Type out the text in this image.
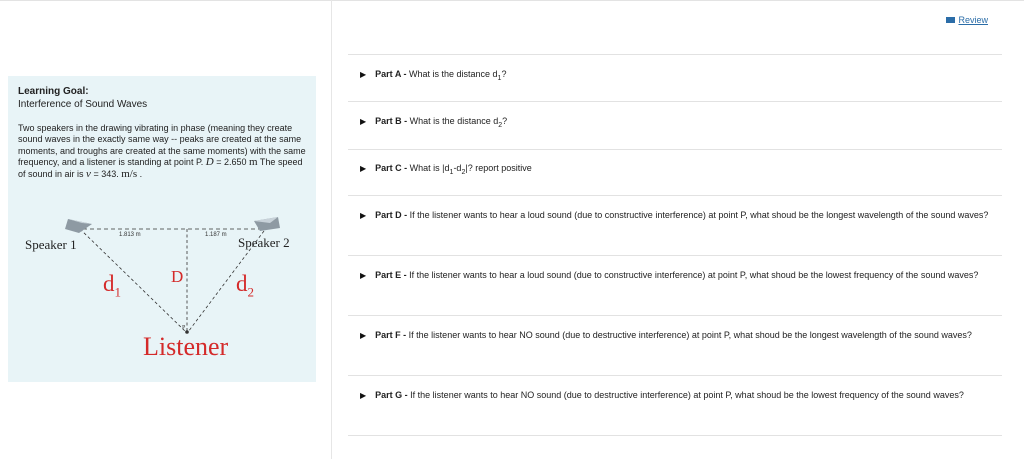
Learning Goal:
Interference of Sound Waves
Two speakers in the drawing vibrating in phase (meaning they create sound waves in the exactly same way -- peaks are created at the same moments, and troughs are created at the same moments) with the same frequency, and a listener is standing at point P. D = 2.650 m The speed of sound in air is v = 343. m/s .
Speaker 1	Speaker 2
1.813 m	1.187 m
$d_1$
D $d_2$
P
Listener
Review
▶ Part A - What is the distance $d_1$?
▶ Part B - What is the distance $d_2$?
▶ Part C - What is $|d_1-d_2|$? report positive
▶ Part D - If the listener wants to hear a loud sound (due to constructive interference) at point P, what shoud be the longest wavelength of the sound waves?
▶ Part E - If the listener wants to hear a loud sound (due to constructive interference) at point P, what shoud be the lowest frequency of the sound waves?
▶ Part F - If the listener wants to hear NO sound (due to destructive interference) at point P, what shoud be the longest wavelength of the sound waves?
▶ Part G - If the listener wants to hear NO sound (due to destructive interference) at point P, what shoud be the lowest frequency of the sound waves?
